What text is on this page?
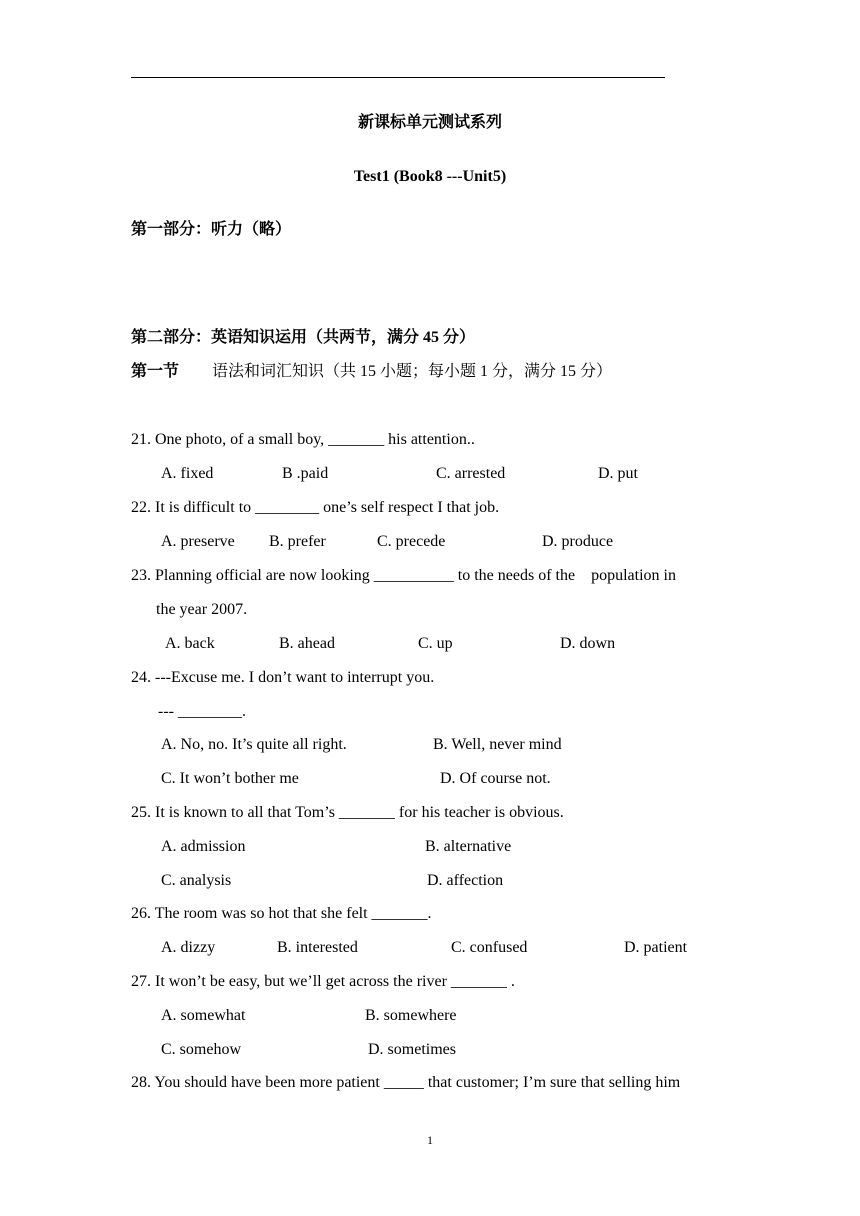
新课标单元测试系列
Test1 (Book8 ---Unit5)
第一部分：听力（略）
第二部分：英语知识运用（共两节，满分 45 分）
第一节 语法和词汇知识（共 15 小题；每小题 1 分，满分 15 分）
21. One photo, of a small boy, _______ his attention..
A. fixed	B .paid	C. arrested	D. put
22. It is difficult to ________ one’s self respect I that job.
A. preserve B. prefer	C. precede	D. produce
23. Planning official are now looking __________ to the needs of the    population in
the year 2007.
A. back	B. ahead	C. up	D. down
24. ---Excuse me. I don’t want to interrupt you.
--- ________.
A. No, no. It’s quite all right.	B. Well, never mind
C. It won’t bother me	D. Of course not.
25. It is known to all that Tom’s _______ for his teacher is obvious.
A. admission	B. alternative
C. analysis	D. affection
26. The room was so hot that she felt _______.
A. dizzy	B. interested	C. confused	D. patient
27. It won’t be easy, but we’ll get across the river _______ .
A. somewhat	B. somewhere
C. somehow	D. sometimes
28. You should have been more patient _____ that customer; I’m sure that selling him
1
